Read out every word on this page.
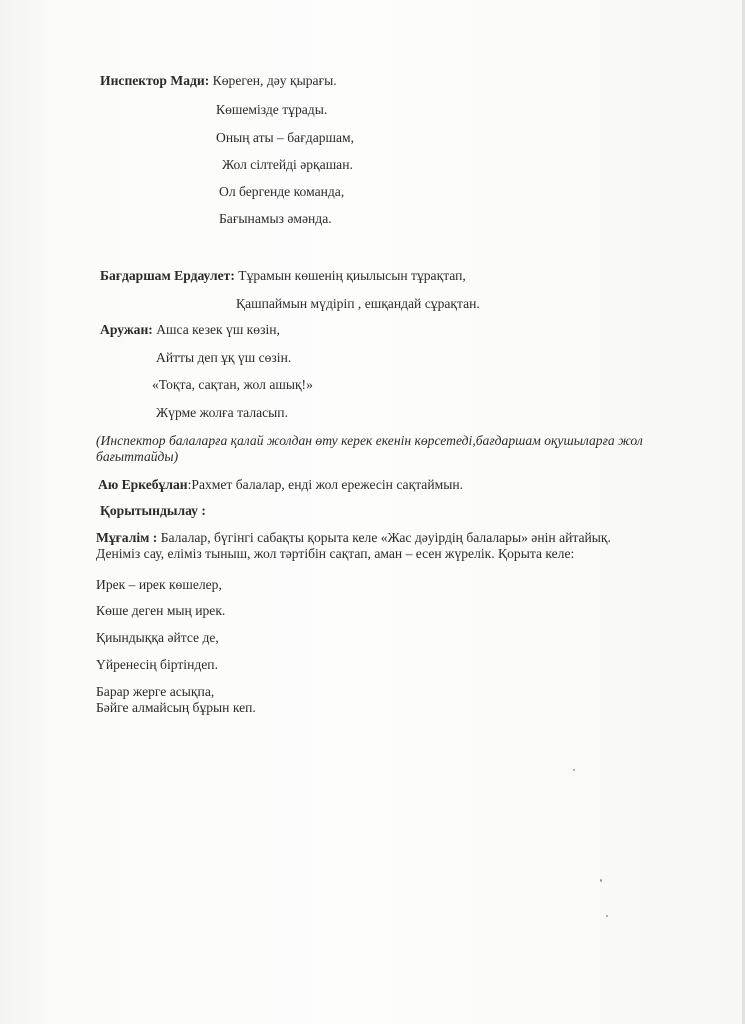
Инспектор Мади: Көреген, дәу қырағы.
Көшемізде тұрады.
Оның аты – бағдаршам,
Жол сілтейді әрқашан.
Ол бергенде команда,
Бағынамыз әмәнда.
Бағдаршам Ердаулет: Тұрамын көшенің қиылысын тұрақтап,
Қашпаймын мүдіріп , ешқандай сұрақтан.
Аружан: Ашса кезек үш көзін,
Айтты деп ұқ үш сөзін.
«Тоқта, сақтан, жол ашық!»
Жүрме жолға таласып.
(Инспектор балаларға қалай жолдан өту керек екенін көрсетеді,бағдаршам оқушыларға жол бағыттайды)
Аю Еркебұлан:Рахмет балалар, енді жол ережесін сақтаймын.
Қорытындылау :
Мұғалім : Балалар, бүгінгі сабақты қорыта келе «Жас дәуірдің балалары» әнін айтайық.
Деніміз сау, еліміз тыныш, жол тәртібін сақтап, аман – есен жүрелік. Қорыта келе:
Ирек – ирек көшелер,
Көше деген мың ирек.
Қиындыққа әйтсе де,
Үйренесің біртіндеп.
Барар жерге асықпа,
Бәйге алмайсың бұрын кеп.
